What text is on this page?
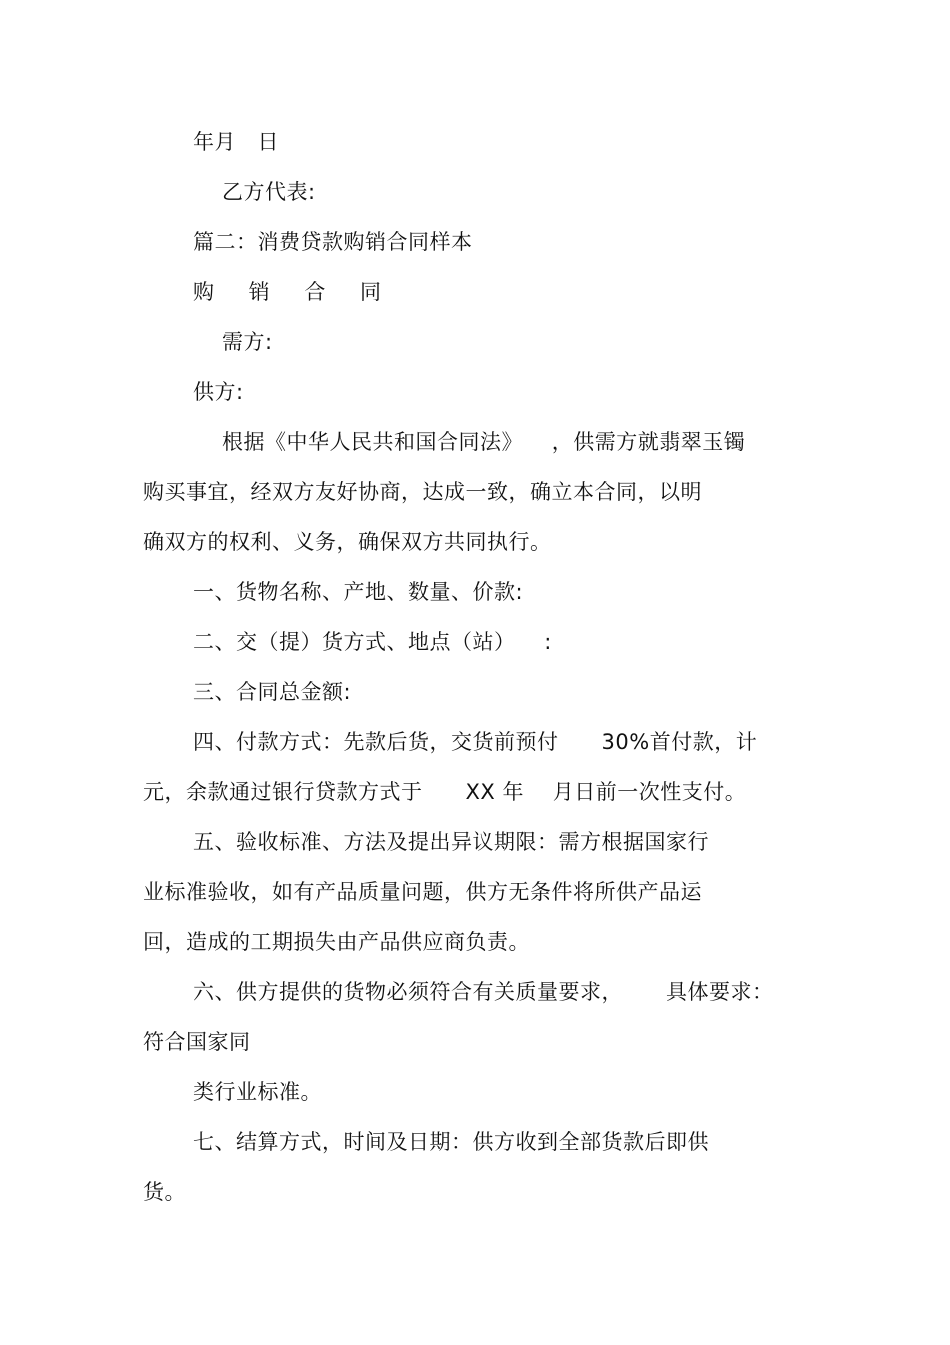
年月   日
乙方代表:
篇二：消费贷款购销合同样本
购 销 合 同
需方:
供方:
根据《中华人民共和国合同法》    ，供需方就翡翠玉镯
购买事宜，经双方友好协商，达成一致，确立本合同，以明
确双方的权利、义务，确保双方共同执行。
一、货物名称、产地、数量、价款:
二、交（提）货方式、地点（站）    :
三、合同总金额:
四、付款方式：先款后货，交货前预付      30%首付款，计
元，余款通过银行贷款方式于      XX 年    月日前一次性支付。
五、验收标准、方法及提出异议期限：需方根据国家行
业标准验收，如有产品质量问题，供方无条件将所供产品运
回，造成的工期损失由产品供应商负责。
六、供方提供的货物必须符合有关质量要求，      具体要求：
符合国家同
类行业标准。
七、结算方式，时间及日期：供方收到全部货款后即供
货。
